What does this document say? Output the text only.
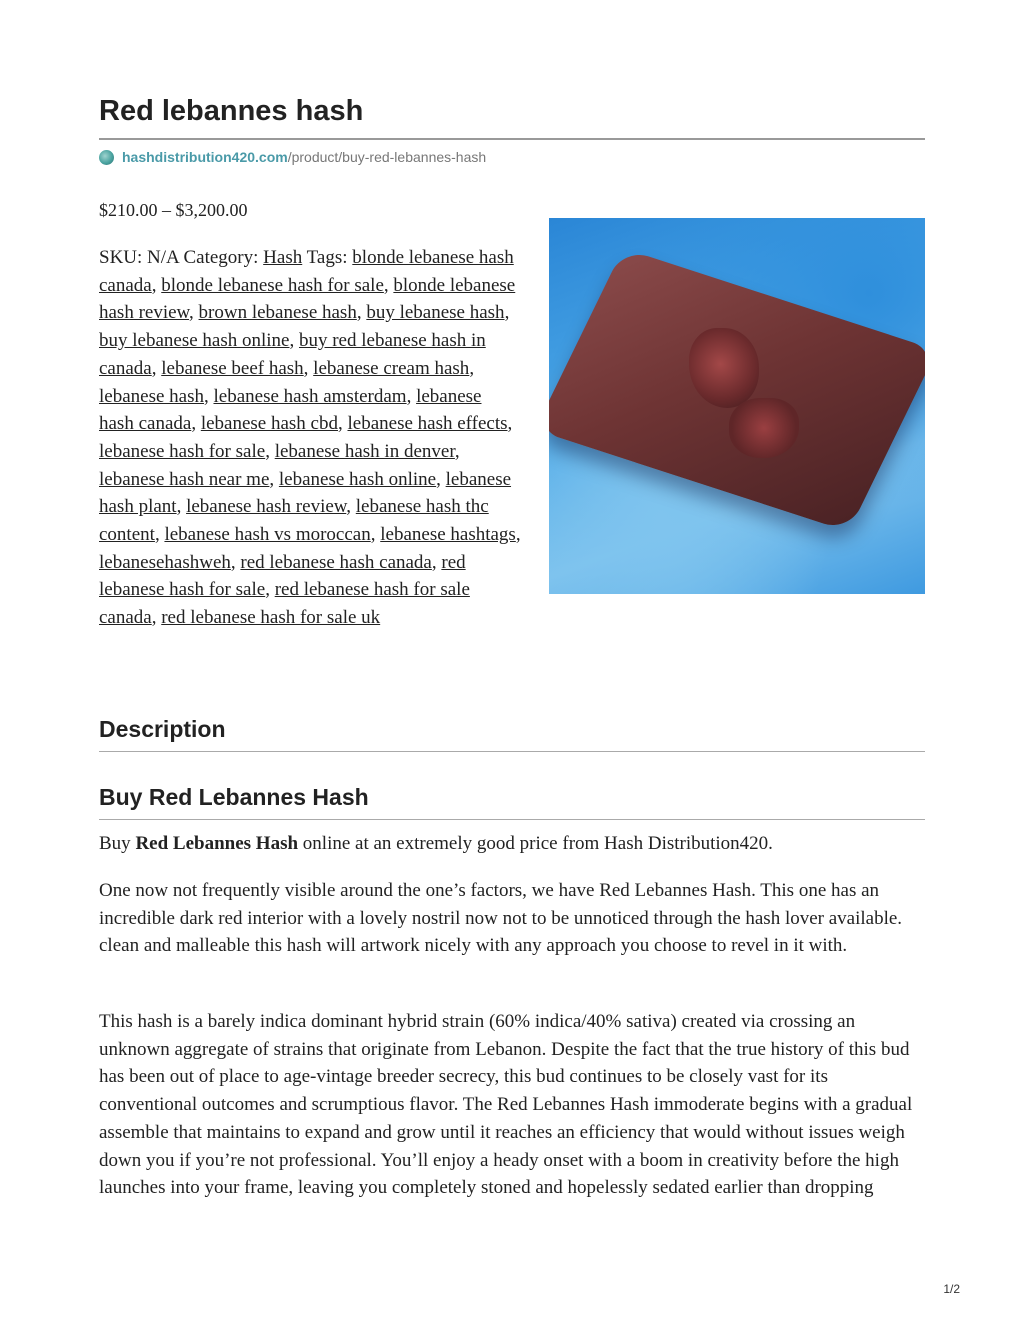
Red lebannes hash
hashdistribution420.com /product/buy-red-lebannes-hash
$210.00 – $3,200.00
SKU: N/A Category: Hash Tags: blonde lebanese hash canada, blonde lebanese hash for sale, blonde lebanese hash review, brown lebanese hash, buy lebanese hash, buy lebanese hash online, buy red lebanese hash in canada, lebanese beef hash, lebanese cream hash, lebanese hash, lebanese hash amsterdam, lebanese hash canada, lebanese hash cbd, lebanese hash effects, lebanese hash for sale, lebanese hash in denver, lebanese hash near me, lebanese hash online, lebanese hash plant, lebanese hash review, lebanese hash thc content, lebanese hash vs moroccan, lebanese hashtags, lebanesehashweh, red lebanese hash canada, red lebanese hash for sale, red lebanese hash for sale canada, red lebanese hash for sale uk
Description
Buy Red Lebannes Hash

Buy Red Lebannes Hash online at an extremely good price from Hash Distribution420.

One now not frequently visible around the one’s factors, we have Red Lebannes Hash. This one has an incredible dark red interior with a lovely nostril now not to be unnoticed through the hash lover available. clean and malleable this hash will artwork nicely with any approach you choose to revel in it with.

This hash is a barely indica dominant hybrid strain (60% indica/40% sativa) created via crossing an unknown aggregate of strains that originate from Lebanon. Despite the fact that the true history of this bud has been out of place to age-vintage breeder secrecy, this bud continues to be closely vast for its conventional outcomes and scrumptious flavor. The Red Lebannes Hash immoderate begins with a gradual assemble that maintains to expand and grow until it reaches an efficiency that would without issues weigh down you if you’re not professional. You’ll enjoy a heady onset with a boom in creativity before the high launches into your frame, leaving you completely stoned and hopelessly sedated earlier than dropping

1/2
